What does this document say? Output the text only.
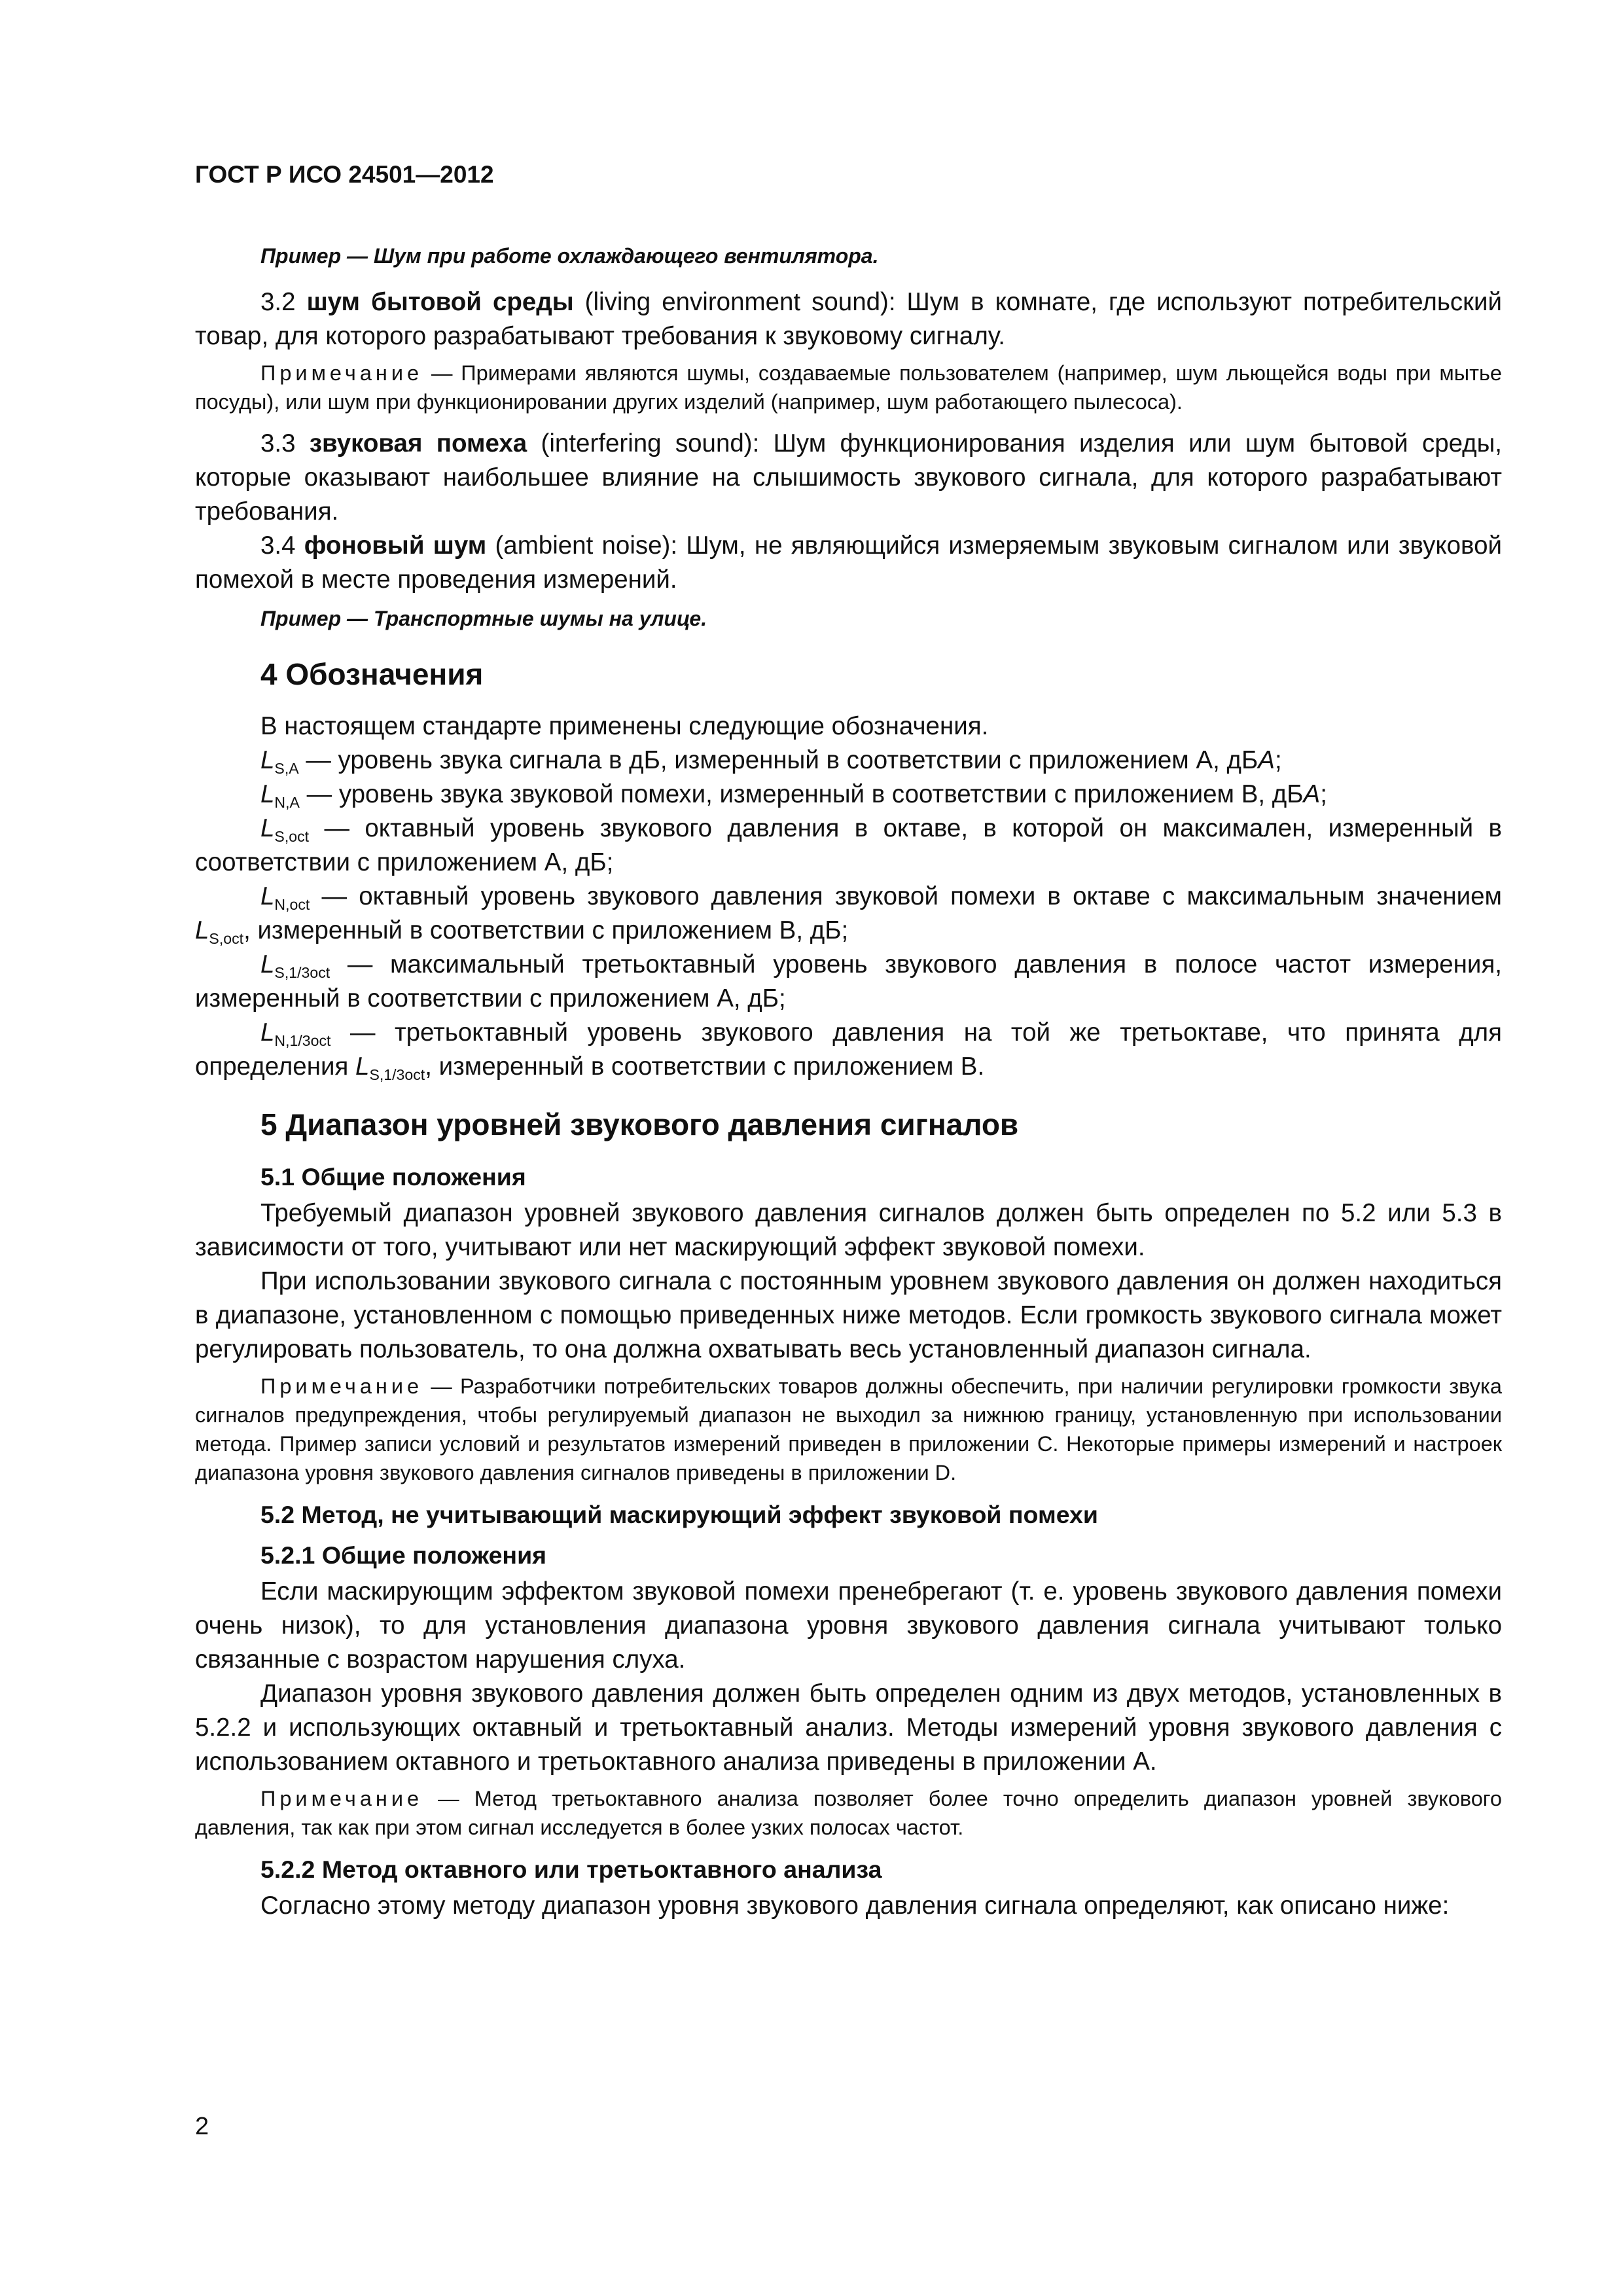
ГОСТ Р ИСО 24501—2012

Пример — Шум при работе охлаждающего вентилятора.

3.2 шум бытовой среды (living environment sound): Шум в комнате, где используют потребительский товар, для которого разрабатывают требования к звуковому сигналу.

Примечание — Примерами являются шумы, создаваемые пользователем (например, шум льющейся воды при мытье посуды), или шум при функционировании других изделий (например, шум работающего пылесоса).

3.3 звуковая помеха (interfering sound): Шум функционирования изделия или шум бытовой среды, которые оказывают наибольшее влияние на слышимость звукового сигнала, для которого разрабатывают требования.

3.4 фоновый шум (ambient noise): Шум, не являющийся измеряемым звуковым сигналом или звуковой помехой в месте проведения измерений.

Пример — Транспортные шумы на улице.

4 Обозначения

В настоящем стандарте применены следующие обозначения.

$L_{S,A}$ — уровень звука сигнала в дБ, измеренный в соответствии с приложением А, дБA;

$L_{N,A}$ — уровень звука звуковой помехи, измеренный в соответствии с приложением В, дБA;

$L_{S,oct}$ — октавный уровень звукового давления в октаве, в которой он максимален, измеренный в соответствии с приложением А, дБ;

$L_{N,oct}$ — октавный уровень звукового давления звуковой помехи в октаве с максимальным значением $L_{S,oct}$, измеренный в соответствии с приложением В, дБ;

$L_{S,1/3oct}$ — максимальный третьоктавный уровень звукового давления в полосе частот измерения, измеренный в соответствии с приложением А, дБ;

$L_{N,1/3oct}$ — третьоктавный уровень звукового давления на той же третьоктаве, что принята для определения $L_{S,1/3oct}$, измеренный в соответствии с приложением В.

5 Диапазон уровней звукового давления сигналов
5.1 Общие положения

Требуемый диапазон уровней звукового давления сигналов должен быть определен по 5.2 или 5.3 в зависимости от того, учитывают или нет маскирующий эффект звуковой помехи.

При использовании звукового сигнала с постоянным уровнем звукового давления он должен находиться в диапазоне, установленном с помощью приведенных ниже методов. Если громкость звукового сигнала может регулировать пользователь, то она должна охватывать весь установленный диапазон сигнала.

Примечание — Разработчики потребительских товаров должны обеспечить, при наличии регулировки громкости звука сигналов предупреждения, чтобы регулируемый диапазон не выходил за нижнюю границу, установленную при использовании метода. Пример записи условий и результатов измерений приведен в приложении С. Некоторые примеры измерений и настроек диапазона уровня звукового давления сигналов приведены в приложении D.

5.2 Метод, не учитывающий маскирующий эффект звуковой помехи
5.2.1 Общие положения

Если маскирующим эффектом звуковой помехи пренебрегают (т. е. уровень звукового давления помехи очень низок), то для установления диапазона уровня звукового давления сигнала учитывают только связанные с возрастом нарушения слуха.

Диапазон уровня звукового давления должен быть определен одним из двух методов, установленных в 5.2.2 и использующих октавный и третьоктавный анализ. Методы измерений уровня звукового давления с использованием октавного и третьоктавного анализа приведены в приложении А.

Примечание — Метод третьоктавного анализа позволяет более точно определить диапазон уровней звукового давления, так как при этом сигнал исследуется в более узких полосах частот.

5.2.2 Метод октавного или третьоктавного анализа

Согласно этому методу диапазон уровня звукового давления сигнала определяют, как описано ниже:

2
